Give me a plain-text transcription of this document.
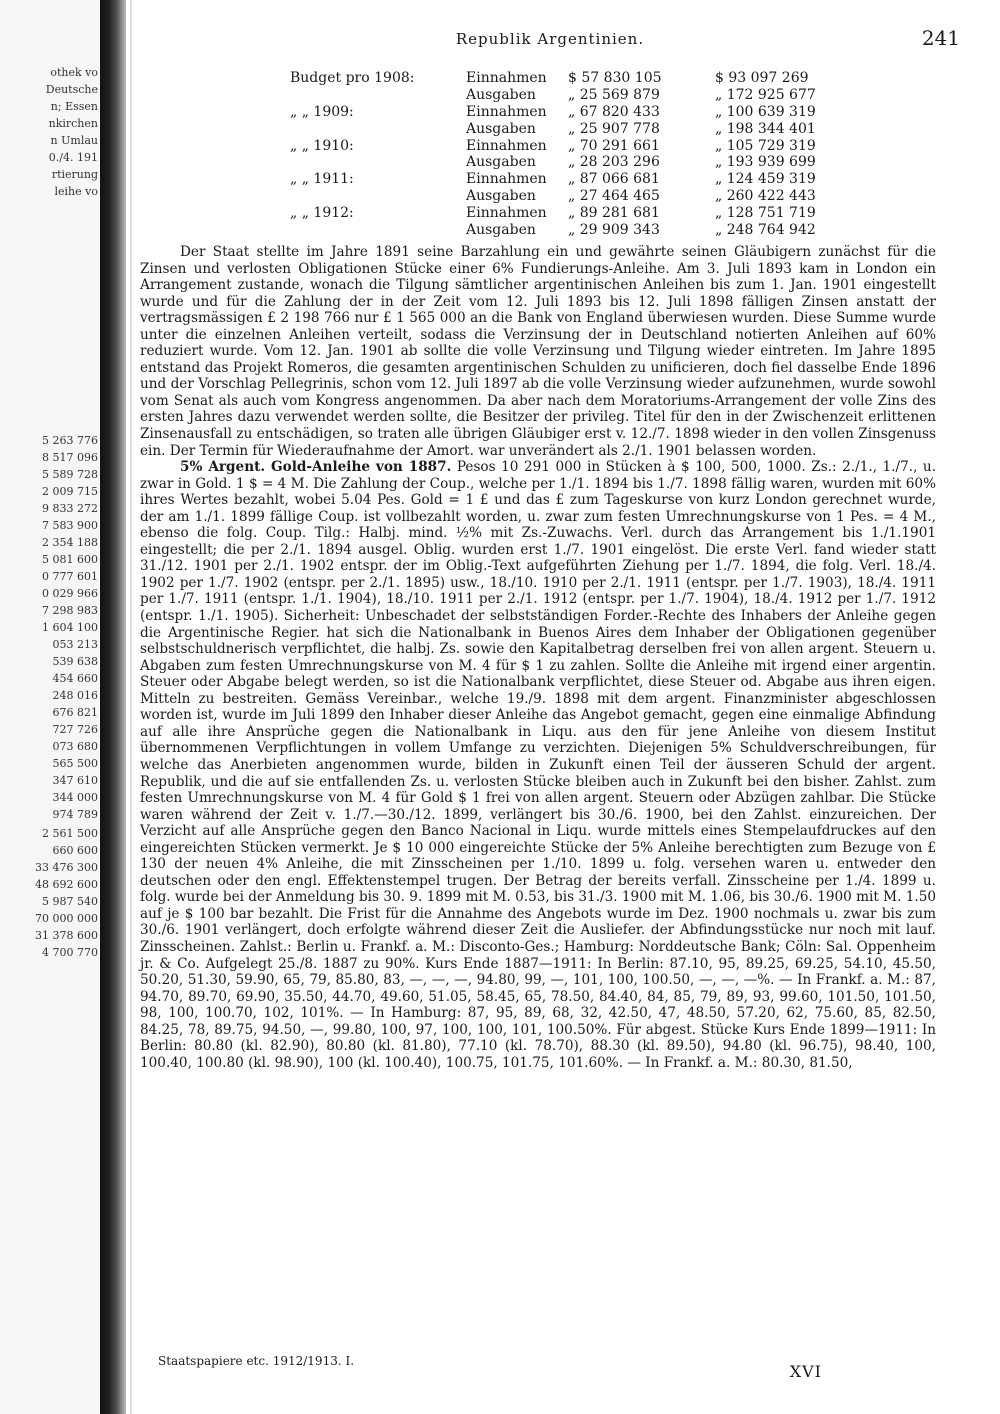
othek vo
Deutsche
n; Essen
nkirchen
n Umlau
0./4. 191
rtierung
leihe vo
5 263 776
8 517 096
5 589 728
2 009 715
9 833 272
7 583 900
2 354 188
5 081 600
0 777 601
0 029 966
7 298 983
1 604 100
053 213
539 638
454 660
248 016
676 821
727 726
073 680
565 500
347 610
344 000
974 789
2 561 500
660 600
33 476 300
48 692 600
5 987 540
70 000 000
31 378 600
4 700 770
Republik Argentinien.	241
Budget pro 1908:	Einnahmen $ 57 830 105	$ 93 097 269
Ausgaben „ 25 569 879	„ 172 925 677
„ „ 1909:	Einnahmen „ 67 820 433	„ 100 639 319
Ausgaben „ 25 907 778	„ 198 344 401
„ „ 1910:	Einnahmen „ 70 291 661	„ 105 729 319
Ausgaben „ 28 203 296	„ 193 939 699
„ „ 1911:	Einnahmen „ 87 066 681	„ 124 459 319
Ausgaben „ 27 464 465	„ 260 422 443
„ „ 1912:	Einnahmen „ 89 281 681	„ 128 751 719
Ausgaben „ 29 909 343	„ 248 764 942

Der Staat stellte im Jahre 1891 seine Barzahlung ein und gewährte seinen Gläubigern zunächst für die Zinsen und verlosten Obligationen Stücke einer 6% Fundierungs-Anleihe. Am 3. Juli 1893 kam in London ein Arrangement zustande, wonach die Tilgung sämtlicher argentinischen Anleihen bis zum 1. Jan. 1901 eingestellt wurde und für die Zahlung der in der Zeit vom 12. Juli 1893 bis 12. Juli 1898 fälligen Zinsen anstatt der vertragsmässigen £ 2 198 766 nur £ 1 565 000 an die Bank von England überwiesen wurden. Diese Summe wurde unter die einzelnen Anleihen verteilt, sodass die Verzinsung der in Deutschland notierten Anleihen auf 60% reduziert wurde. Vom 12. Jan. 1901 ab sollte die volle Verzinsung und Tilgung wieder eintreten. Im Jahre 1895 entstand das Projekt Romeros, die gesamten argentinischen Schulden zu unificieren, doch fiel dasselbe Ende 1896 und der Vorschlag Pellegrinis, schon vom 12. Juli 1897 ab die volle Verzinsung wieder aufzunehmen, wurde sowohl vom Senat als auch vom Kongress angenommen. Da aber nach dem Moratoriums-Arrangement der volle Zins des ersten Jahres dazu verwendet werden sollte, die Besitzer der privileg. Titel für den in der Zwischenzeit erlittenen Zinsenausfall zu entschädigen, so traten alle übrigen Gläubiger erst v. 12./7. 1898 wieder in den vollen Zinsgenuss ein. Der Termin für Wiederaufnahme der Amort. war unverändert als 2./1. 1901 belassen worden.

5% Argent. Gold-Anleihe von 1887. Pesos 10 291 000 in Stücken à $ 100, 500, 1000. Zs.: 2./1., 1./7., u. zwar in Gold. 1 $ = 4 M. Die Zahlung der Coup., welche per 1./1. 1894 bis 1./7. 1898 fällig waren, wurden mit 60% ihres Wertes bezahlt, wobei 5.04 Pes. Gold = 1 £ und das £ zum Tageskurse von kurz London gerechnet wurde, der am 1./1. 1899 fällige Coup. ist vollbezahlt worden, u. zwar zum festen Umrechnungskurse von 1 Pes. = 4 M., ebenso die folg. Coup. Tilg.: Halbj. mind. ½% mit Zs.-Zuwachs. Verl. durch das Arrangement bis 1./1.1901 eingestellt; die per 2./1. 1894 ausgel. Oblig. wurden erst 1./7. 1901 eingelöst. Die erste Verl. fand wieder statt 31./12. 1901 per 2./1. 1902 entspr. der im Oblig.-Text aufgeführten Ziehung per 1./7. 1894, die folg. Verl. 18./4. 1902 per 1./7. 1902 (entspr. per 2./1. 1895) usw., 18./10. 1910 per 2./1. 1911 (entspr. per 1./7. 1903), 18./4. 1911 per 1./7. 1911 (entspr. 1./1. 1904), 18./10. 1911 per 2./1. 1912 (entspr. per 1./7. 1904), 18./4. 1912 per 1./7. 1912 (entspr. 1./1. 1905). Sicherheit: Unbeschadet der selbstständigen Forder.-Rechte des Inhabers der Anleihe gegen die Argentinische Regier. hat sich die Nationalbank in Buenos Aires dem Inhaber der Obligationen gegenüber selbstschuldnerisch verpflichtet, die halbj. Zs. sowie den Kapitalbetrag derselben frei von allen argent. Steuern u. Abgaben zum festen Umrechnungskurse von M. 4 für $ 1 zu zahlen. Sollte die Anleihe mit irgend einer argentin. Steuer oder Abgabe belegt werden, so ist die Nationalbank verpflichtet, diese Steuer od. Abgabe aus ihren eigen. Mitteln zu bestreiten. Gemäss Vereinbar., welche 19./9. 1898 mit dem argent. Finanzminister abgeschlossen worden ist, wurde im Juli 1899 den Inhaber dieser Anleihe das Angebot gemacht, gegen eine einmalige Abfindung auf alle ihre Ansprüche gegen die Nationalbank in Liqu. aus den für jene Anleihe von diesem Institut übernommenen Verpflichtungen in vollem Umfange zu verzichten. Diejenigen 5% Schuldverschreibungen, für welche das Anerbieten angenommen wurde, bilden in Zukunft einen Teil der äusseren Schuld der argent. Republik, und die auf sie entfallenden Zs. u. verlosten Stücke bleiben auch in Zukunft bei den bisher. Zahlst. zum festen Umrechnungskurse von M. 4 für Gold $ 1 frei von allen argent. Steuern oder Abzügen zahlbar. Die Stücke waren während der Zeit v. 1./7.—30./12. 1899, verlängert bis 30./6. 1900, bei den Zahlst. einzureichen. Der Verzicht auf alle Ansprüche gegen den Banco Nacional in Liqu. wurde mittels eines Stempelaufdruckes auf den eingereichten Stücken vermerkt. Je $ 10 000 eingereichte Stücke der 5% Anleihe berechtigten zum Bezuge von £ 130 der neuen 4% Anleihe, die mit Zinsscheinen per 1./10. 1899 u. folg. versehen waren u. entweder den deutschen oder den engl. Effektenstempel trugen. Der Betrag der bereits verfall. Zinsscheine per 1./4. 1899 u. folg. wurde bei der Anmeldung bis 30. 9. 1899 mit M. 0.53, bis 31./3. 1900 mit M. 1.06, bis 30./6. 1900 mit M. 1.50 auf je $ 100 bar bezahlt. Die Frist für die Annahme des Angebots wurde im Dez. 1900 nochmals u. zwar bis zum 30./6. 1901 verlängert, doch erfolgte während dieser Zeit die Ausliefer. der Abfindungsstücke nur noch mit lauf. Zinsscheinen. Zahlst.: Berlin u. Frankf. a. M.: Disconto-Ges.; Hamburg: Norddeutsche Bank; Cöln: Sal. Oppenheim jr. & Co. Aufgelegt 25./8. 1887 zu 90%. Kurs Ende 1887—1911: In Berlin: 87.10, 95, 89.25, 69.25, 54.10, 45.50, 50.20, 51.30, 59.90, 65, 79, 85.80, 83, —, —, —, 94.80, 99, —, 101, 100, 100.50, —, —, —%. — In Frankf. a. M.: 87, 94.70, 89.70, 69.90, 35.50, 44.70, 49.60, 51.05, 58.45, 65, 78.50, 84.40, 84, 85, 79, 89, 93, 99.60, 101.50, 101.50, 98, 100, 100.70, 102, 101%. — In Hamburg: 87, 95, 89, 68, 32, 42.50, 47, 48.50, 57.20, 62, 75.60, 85, 82.50, 84.25, 78, 89.75, 94.50, —, 99.80, 100, 97, 100, 100, 101, 100.50%. Für abgest. Stücke Kurs Ende 1899—1911: In Berlin: 80.80 (kl. 82.90), 80.80 (kl. 81.80), 77.10 (kl. 78.70), 88.30 (kl. 89.50), 94.80 (kl. 96.75), 98.40, 100, 100.40, 100.80 (kl. 98.90), 100 (kl. 100.40), 100.75, 101.75, 101.60%. — In Frankf. a. M.: 80.30, 81.50,

Staatspapiere etc. 1912/1913. I.
XVI
